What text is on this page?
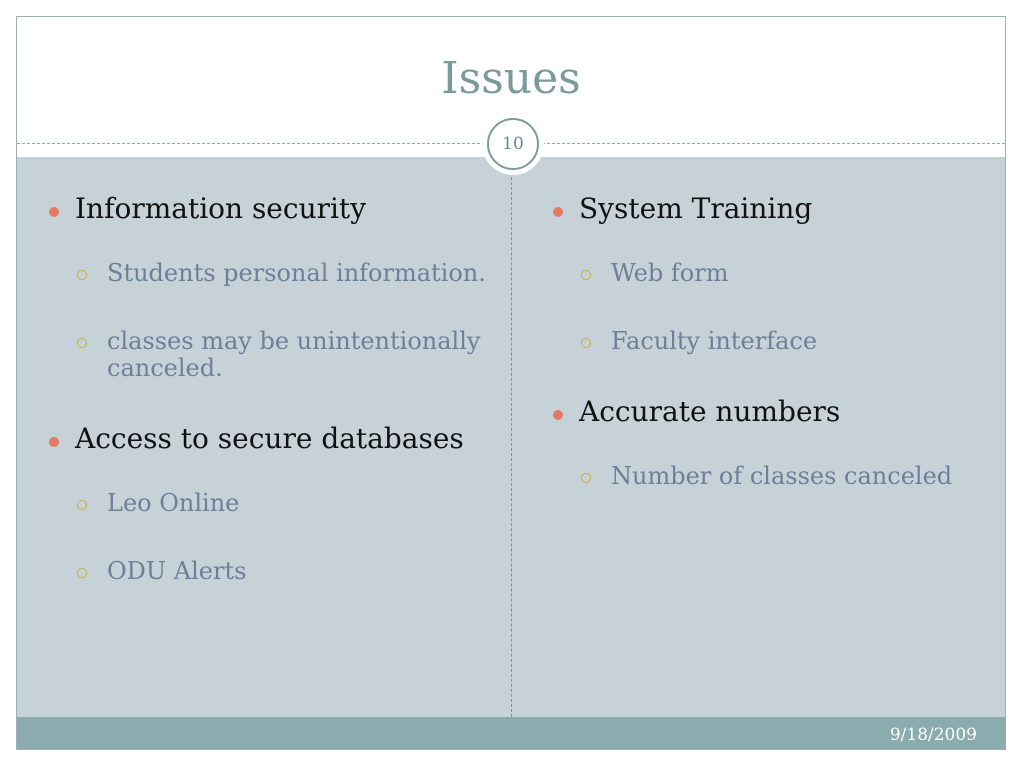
Issues
10
Information security
Students personal information.
classes may be unintentionally canceled.
Access to secure databases
Leo Online
ODU Alerts
System Training
Web form
Faculty interface
Accurate numbers
Number of classes canceled
9/18/2009
